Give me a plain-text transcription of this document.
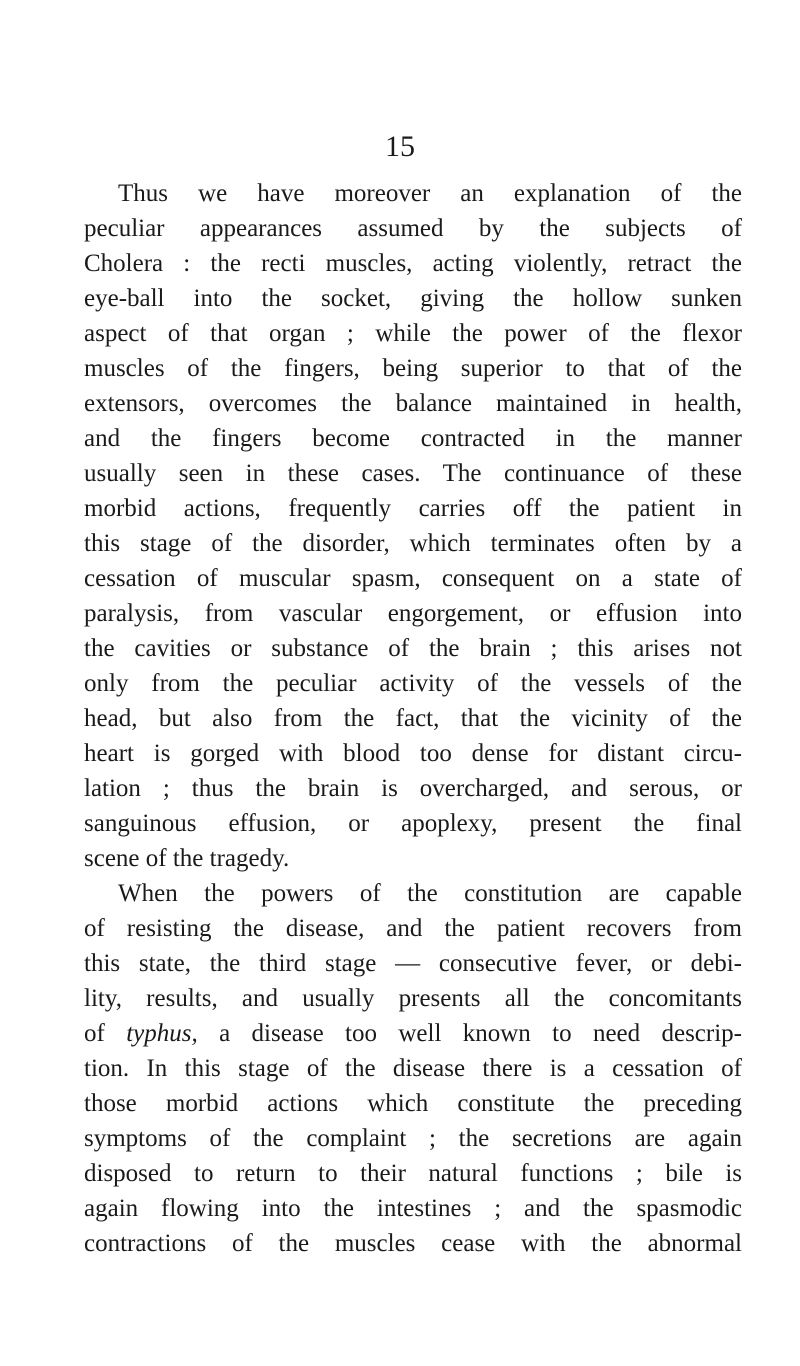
15
Thus we have moreover an explanation of the
peculiar appearances assumed by the subjects of
Cholera : the recti muscles, acting violently, retract the
eye-ball into the socket, giving the hollow sunken
aspect of that organ ; while the power of the flexor
muscles of the fingers, being superior to that of the
extensors, overcomes the balance maintained in health,
and the fingers become contracted in the manner
usually seen in these cases. The continuance of these
morbid actions, frequently carries off the patient in
this stage of the disorder, which terminates often by a
cessation of muscular spasm, consequent on a state of
paralysis, from vascular engorgement, or effusion into
the cavities or substance of the brain ; this arises not
only from the peculiar activity of the vessels of the
head, but also from the fact, that the vicinity of the
heart is gorged with blood too dense for distant circu-
lation ; thus the brain is overcharged, and serous, or
sanguinous effusion, or apoplexy, present the final
scene of the tragedy.
When the powers of the constitution are capable
of resisting the disease, and the patient recovers from
this state, the third stage — consecutive fever, or debi-
lity, results, and usually presents all the concomitants
of typhus, a disease too well known to need descrip-
tion. In this stage of the disease there is a cessation of
those morbid actions which constitute the preceding
symptoms of the complaint ; the secretions are again
disposed to return to their natural functions ; bile is
again flowing into the intestines ; and the spasmodic
contractions of the muscles cease with the abnormal
